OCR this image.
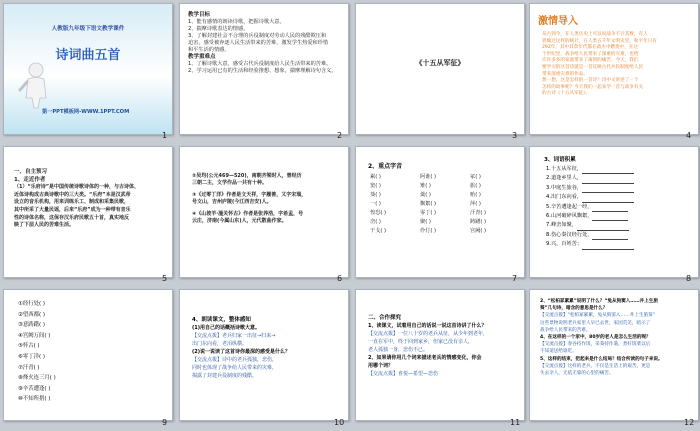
人教版九年级下语文教学课件
诗词曲五首
第一PPT模板网-WWW.1PPT.COM
1
教学目标
1、能有感情的朗读诗歌，把握诗歌大意。
2、揣摩诗歌表达的情感。
3、了解封建社会不合理的兵役制度对劳动人民的残酷欺压和
迫害，感受被奔逐人民生活带来的苦难，激发学生热爱和珍惜
和平生活的情感。
教学重难点
1、了解诗歌大意，感受古代兵役制度给人民生活带来的苦难。
2、学习运用已有的生活和经验推想、想象，揣摩理解诗句含义。
2
《十五从军征》
3
激情导入
从古到今，在人类历史上可以说战争不计其数，有人
曾做过这样的统计，在人类五千年文明史里，和平年只有
292年，其中其余年代都在战火中燃烧中，在这
个世纪里，战争给人民带来了深重的灾难，也给
许许多多的家庭带来了离别的痛苦。今天，我们
要学习的这首诗就是一首反映古代兵役制度给人民
带来深重灾难的作品。
想一想，这是怎样的一首诗？诗中又讲述了一个
怎样的故事呢？今天我们一起来学一首与战争有关
的古诗《十五从军征》。
4
一、自主预习
1、走近作者
（1）“乐府诗”是中国传统诗歌诗体的一种，与古诗体、
近体诗构成古典诗歌中的三大类。“乐府”本是汉武帝
设立的音乐机构，用来训练乐工、制成和采集民歌，
其中所采了大量民谣，后来“乐府”成为一种带有音乐
性的诗体名称，这保存汉乐府民歌五十首，真实地反
映了下层人民的苦难生活。
5
②吴均(公元469—520)，南朝齐梁时人，曾经历
三朝二主，文学作品一共有十种。
③《过零丁洋》作者是文天祥，字履善，又字宋瑞，
号文山，吉州庐陵(今江西吉安)人。
④《山坡羊·潼关怀古》作者是张养浩，字希孟，号
云庄，济南(今属山东)人，元代散曲作家。
6
2、重点字音
累( )	阿谁( )	冢( )
窦( )	雉( )	旅( )
葵( )	羹( )	贻( )
一( )	飘絮( )	萍( )
惶恐( )	零丁( )	汗青( )
峦( )	聚( )	踌躇( )
干戈( )	伶仃( )	宫阙( )
7
3、词语积累
1.十五从军征，
2.道逢乡里人，
3.中庭生旅谷，
4.出门东向看，
5.辛苦遭逢起一经，
6.山河破碎风飘絮，
7.峰峦如聚，
8.伤心秦汉经行处，
9.兴，百姓苦；
8
①经行处( )
②望西都( )
③意踌躇( )
④宫阙万间( )
⑤怀古( )
⑥零丁洋( )
⑦汗青( )
⑧烽火连三月( )
⑨辛苦遭逢( )
⑩不知所措( )
9
4、朗读课文，整体感知
(1)用自己的话概括诗歌大意。
【交流点拨】老兵归家一出征→归来→
出门东向看，老泪纵横。
(2)说一说读了这首诗你最深的感受是什么？
【交流点拨】诗中的老兵孤独，悲伤，
同时也体现了战争给人民带来的灾难，
揭露了封建兵役制度的残酷。
10
二、合作探究
1、读课文，试着用自己的话说一说这首诗讲了什么？
【交流点拨】一位八十岁的老兵从征，从少年到老年，
一直在军中，终于回到家乡，但家已没有亲人，
老人孤独一身，悲伤不已。
2、如果请你用几个词来描述老兵的情感变化，你会
用哪个词？
【交流点拨】喜悦—希望—悲伤
11
2、“松柏冢累累”说明了什么？“兔从狗窦入……井上生旅
葵”几句诗，暗含的意思是什么？
【交流点拨】“松柏冢累累，兔从狗窦入……井上生旅葵”
这些景物说明老兵家里人早已去世，家园荒芜，暗示了
战争给人民带来的苦难。
4、在这样的一个家中，80岁的老人是怎么生活的呢？
【交流点拨】春谷持作饭，采葵持作羹，煮好饭菜以后
不知道送给谁吃。
5、这样的结束，把起来是什么结局？结合所读的句子来说。
【交流点拨】这样的老兵，不仅是生活上的艰苦，更是
失去亲人，无依无靠的心里的痛苦。
12
